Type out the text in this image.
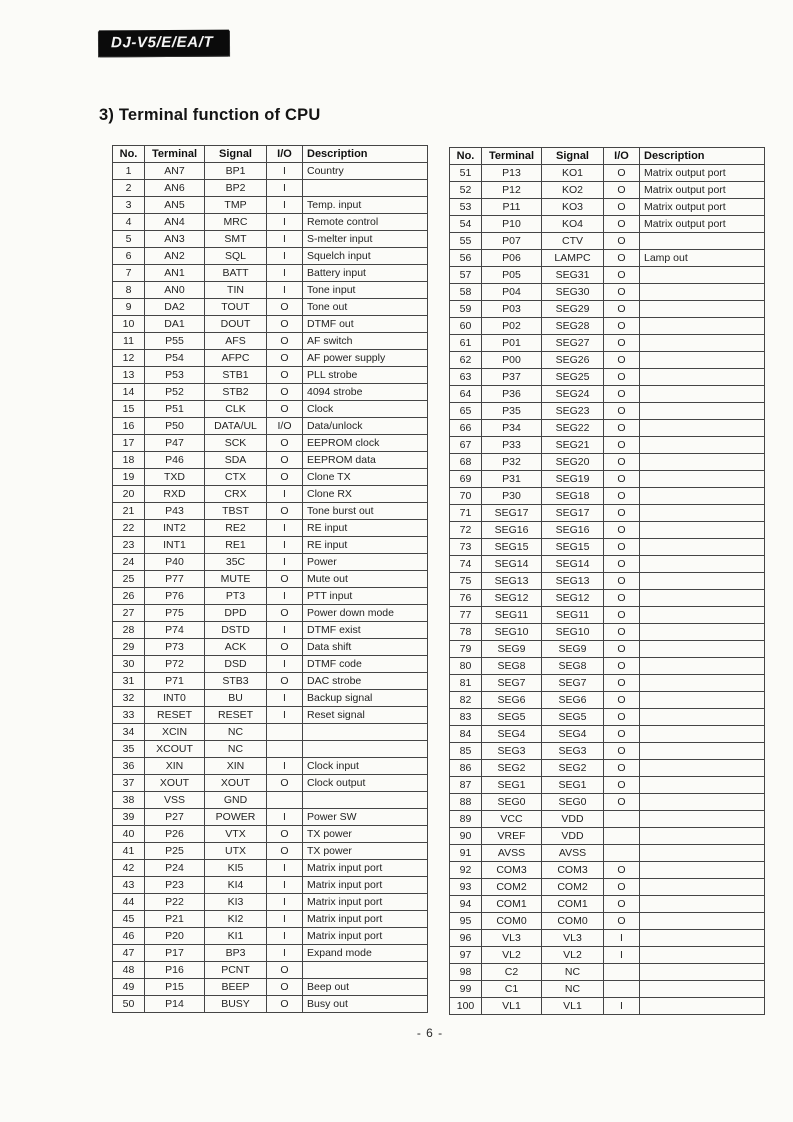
DJ-V5/E/EA/T
3) Terminal function of CPU
No.	Terminal	Signal	I/O	Description
1	AN7	BP1	I	Country
2	AN6	BP2	I	
3	AN5	TMP	I	Temp. input
4	AN4	MRC	I	Remote control
5	AN3	SMT	I	S-melter input
6	AN2	SQL	I	Squelch input
7	AN1	BATT	I	Battery input
8	AN0	TIN	I	Tone input
9	DA2	TOUT	O	Tone out
10	DA1	DOUT	O	DTMF out
11	P55	AFS	O	AF switch
12	P54	AFPC	O	AF power supply
13	P53	STB1	O	PLL strobe
14	P52	STB2	O	4094 strobe
15	P51	CLK	O	Clock
16	P50	DATA/UL	I/O	Data/unlock
17	P47	SCK	O	EEPROM clock
18	P46	SDA	O	EEPROM data
19	TXD	CTX	O	Clone TX
20	RXD	CRX	I	Clone RX
21	P43	TBST	O	Tone burst out
22	INT2	RE2	I	RE input
23	INT1	RE1	I	RE input
24	P40	35C	I	Power
25	P77	MUTE	O	Mute out
26	P76	PT3	I	PTT input
27	P75	DPD	O	Power down mode
28	P74	DSTD	I	DTMF exist
29	P73	ACK	O	Data shift
30	P72	DSD	I	DTMF code
31	P71	STB3	O	DAC strobe
32	INT0	BU	I	Backup signal
33	RESET	RESET	I	Reset signal
34	XCIN	NC		
35	XCOUT	NC		
36	XIN	XIN	I	Clock input
37	XOUT	XOUT	O	Clock output
38	VSS	GND		
39	P27	POWER	I	Power SW
40	P26	VTX	O	TX power
41	P25	UTX	O	TX power
42	P24	KI5	I	Matrix input port
43	P23	KI4	I	Matrix input port
44	P22	KI3	I	Matrix input port
45	P21	KI2	I	Matrix input port
46	P20	KI1	I	Matrix input port
47	P17	BP3	I	Expand mode
48	P16	PCNT	O	
49	P15	BEEP	O	Beep out
50	P14	BUSY	O	Busy out
No.	Terminal	Signal	I/O	Description
51	P13	KO1	O	Matrix output port
52	P12	KO2	O	Matrix output port
53	P11	KO3	O	Matrix output port
54	P10	KO4	O	Matrix output port
55	P07	CTV	O	
56	P06	LAMPC	O	Lamp out
57	P05	SEG31	O	
58	P04	SEG30	O	
59	P03	SEG29	O	
60	P02	SEG28	O	
61	P01	SEG27	O	
62	P00	SEG26	O	
63	P37	SEG25	O	
64	P36	SEG24	O	
65	P35	SEG23	O	
66	P34	SEG22	O	
67	P33	SEG21	O	
68	P32	SEG20	O	
69	P31	SEG19	O	
70	P30	SEG18	O	
71	SEG17	SEG17	O	
72	SEG16	SEG16	O	
73	SEG15	SEG15	O	
74	SEG14	SEG14	O	
75	SEG13	SEG13	O	
76	SEG12	SEG12	O	
77	SEG11	SEG11	O	
78	SEG10	SEG10	O	
79	SEG9	SEG9	O	
80	SEG8	SEG8	O	
81	SEG7	SEG7	O	
82	SEG6	SEG6	O	
83	SEG5	SEG5	O	
84	SEG4	SEG4	O	
85	SEG3	SEG3	O	
86	SEG2	SEG2	O	
87	SEG1	SEG1	O	
88	SEG0	SEG0	O	
89	VCC	VDD		
90	VREF	VDD		
91	AVSS	AVSS		
92	COM3	COM3	O	
93	COM2	COM2	O	
94	COM1	COM1	O	
95	COM0	COM0	O	
96	VL3	VL3	I	
97	VL2	VL2	I	
98	C2	NC		
99	C1	NC		
100	VL1	VL1	I	
- 6 -
